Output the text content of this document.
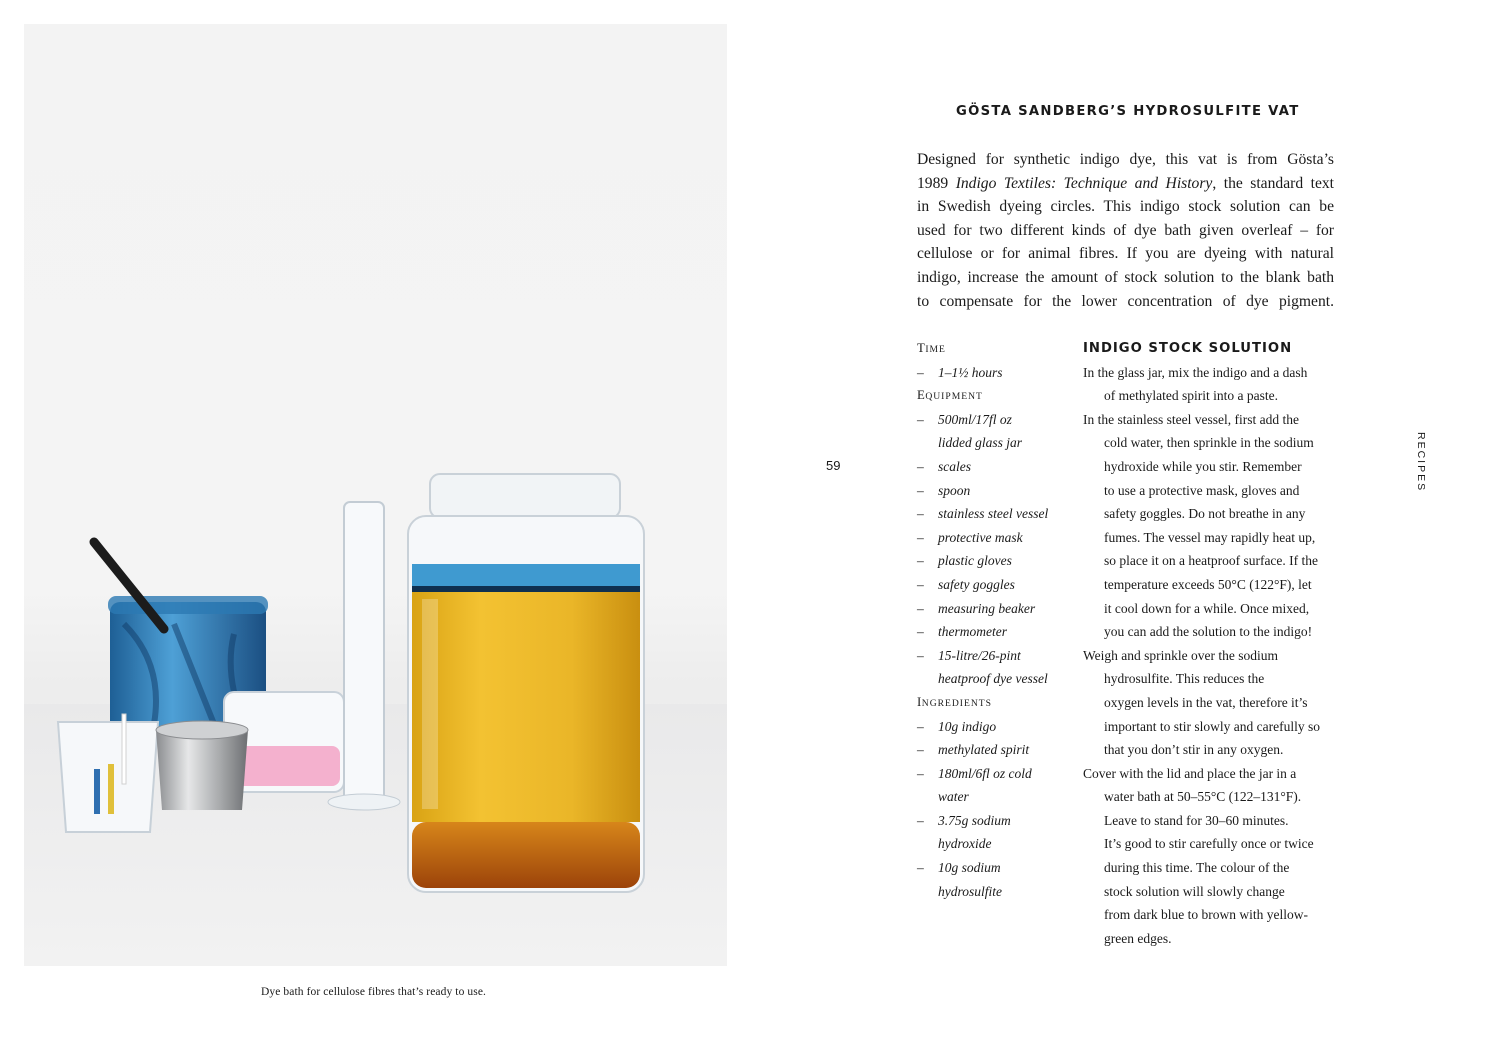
Dye bath for cellulose fibres that’s ready to use.
59	RECIPES
GÖSTA SANDBERG’S HYDROSULFITE VAT
Designed for synthetic indigo dye, this vat is from Gösta’s
1989 Indigo Textiles: Technique and History, the standard text
in Swedish dyeing circles. This indigo stock solution can be
used for two different kinds of dye bath given overleaf – for
cellulose or for animal fibres. If you are dyeing with natural
indigo, increase the amount of stock solution to the blank bath
to compensate for the lower concentration of dye pigment.
TIME
– 1–1½ hours
EQUIPMENT
– 500ml/17fl oz
lidded glass jar
– scales
– spoon
– stainless steel vessel
– protective mask
– plastic gloves
– safety goggles
– measuring beaker
– thermometer
– 15-litre/26-pint
heatproof dye vessel
INGREDIENTS
– 10g indigo
– methylated spirit
– 180ml/6fl oz cold
water
– 3.75g sodium
hydroxide
– 10g sodium
hydrosulfite
INDIGO STOCK SOLUTION
In the glass jar, mix the indigo and a dash
of methylated spirit into a paste.
In the stainless steel vessel, first add the
cold water, then sprinkle in the sodium
hydroxide while you stir. Remember
to use a protective mask, gloves and
safety goggles. Do not breathe in any
fumes. The vessel may rapidly heat up,
so place it on a heatproof surface. If the
temperature exceeds 50°C (122°F), let
it cool down for a while. Once mixed,
you can add the solution to the indigo!
Weigh and sprinkle over the sodium
hydrosulfite. This reduces the
oxygen levels in the vat, therefore it’s
important to stir slowly and carefully so
that you don’t stir in any oxygen.
Cover with the lid and place the jar in a
water bath at 50–55°C (122–131°F).
Leave to stand for 30–60 minutes.
It’s good to stir carefully once or twice
during this time. The colour of the
stock solution will slowly change
from dark blue to brown with yellow-
green edges.
